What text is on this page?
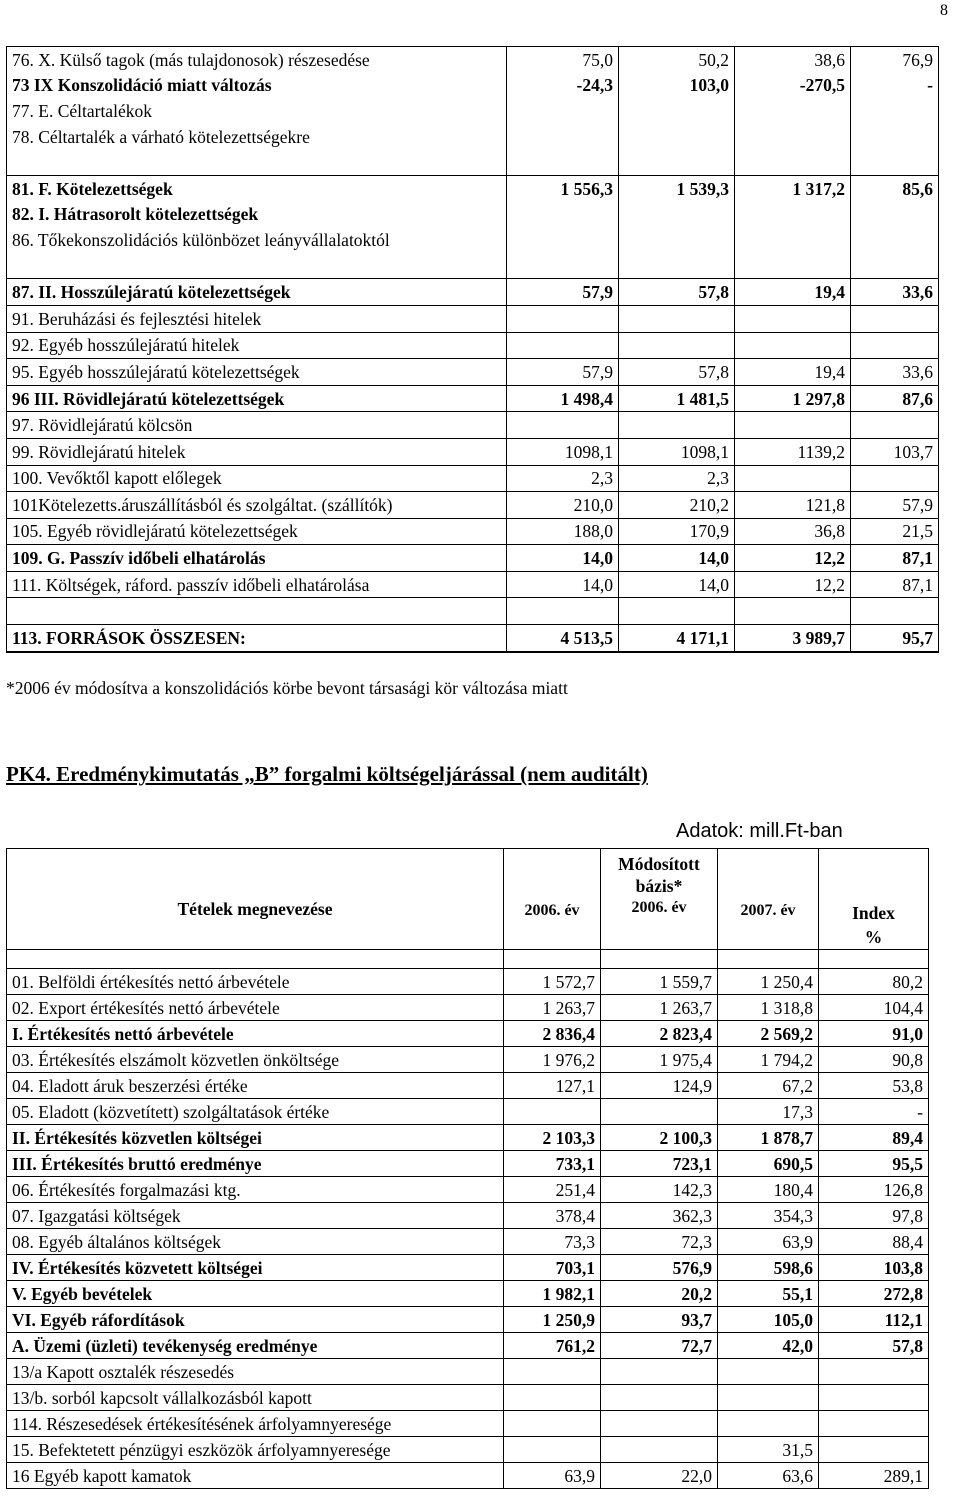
8
76. X. Külső tagok (más tulajdonosok) részesedése	75,0	50,2	38,6	76,9
73 IX Konszolidáció miatt változás	-24,3	103,0	-270,5	-
77. E. Céltartalékok				
78. Céltartalék a várható kötelezettségekre				

81. F. Kötelezettségek	1 556,3	1 539,3	1 317,2	85,6
82. I. Hátrasorolt kötelezettségek				
86. Tőkekonszolidációs különbözet leányvállalatoktól				

87. II. Hosszúlejáratú kötelezettségek	57,9	57,8	19,4	33,6
91. Beruházási és fejlesztési hitelek				
92. Egyéb hosszúlejáratú hitelek				
95. Egyéb hosszúlejáratú kötelezettségek	57,9	57,8	19,4	33,6
96 III. Rövidlejáratú kötelezettségek	1 498,4	1 481,5	1 297,8	87,6
97. Rövidlejáratú kölcsön				
99. Rövidlejáratú hitelek	1098,1	1098,1	1139,2	103,7
100. Vevőktől kapott előlegek	2,3	2,3		
101Kötelezetts.áruszállításból és szolgáltat. (szállítók)	210,0	210,2	121,8	57,9
105. Egyéb rövidlejáratú kötelezettségek	188,0	170,9	36,8	21,5
109. G. Passzív időbeli elhatárolás	14,0	14,0	12,2	87,1
111. Költségek, ráford. passzív időbeli elhatárolása	14,0	14,0	12,2	87,1

113. FORRÁSOK ÖSSZESEN:	4 513,5	4 171,1	3 989,7	95,7
*2006 év módosítva a konszolidációs körbe bevont társasági kör változása miatt
PK4. Eredménykimutatás „B” forgalmi költségeljárással (nem auditált)
Adatok: mill.Ft-ban
Tételek megnevezése	2006. év	Módosított
bázis*
2006. év	2007. év	Index
%

01. Belföldi értékesítés nettó árbevétele	1 572,7	1 559,7	1 250,4	80,2
02. Export értékesítés nettó árbevétele	1 263,7	1 263,7	1 318,8	104,4
I. Értékesítés nettó árbevétele	2 836,4	2 823,4	2 569,2	91,0
03. Értékesítés elszámolt közvetlen önköltsége	1 976,2	1 975,4	1 794,2	90,8
04. Eladott áruk beszerzési értéke	127,1	124,9	67,2	53,8
05. Eladott (közvetített) szolgáltatások értéke			17,3	-
II. Értékesítés közvetlen költségei	2 103,3	2 100,3	1 878,7	89,4
III. Értékesítés bruttó eredménye	733,1	723,1	690,5	95,5
06. Értékesítés forgalmazási ktg.	251,4	142,3	180,4	126,8
07. Igazgatási költségek	378,4	362,3	354,3	97,8
08. Egyéb általános költségek	73,3	72,3	63,9	88,4
IV. Értékesítés közvetett költségei	703,1	576,9	598,6	103,8
V. Egyéb bevételek	1 982,1	20,2	55,1	272,8
VI. Egyéb ráfordítások	1 250,9	93,7	105,0	112,1
A. Üzemi (üzleti) tevékenység eredménye	761,2	72,7	42,0	57,8
13/a Kapott osztalék részesedés				
13/b. sorból kapcsolt vállalkozásból kapott				
114. Részesedések értékesítésének árfolyamnyeresége				
15. Befektetett pénzügyi eszközök árfolyamnyeresége			31,5	
16 Egyéb kapott kamatok	63,9	22,0	63,6	289,1
